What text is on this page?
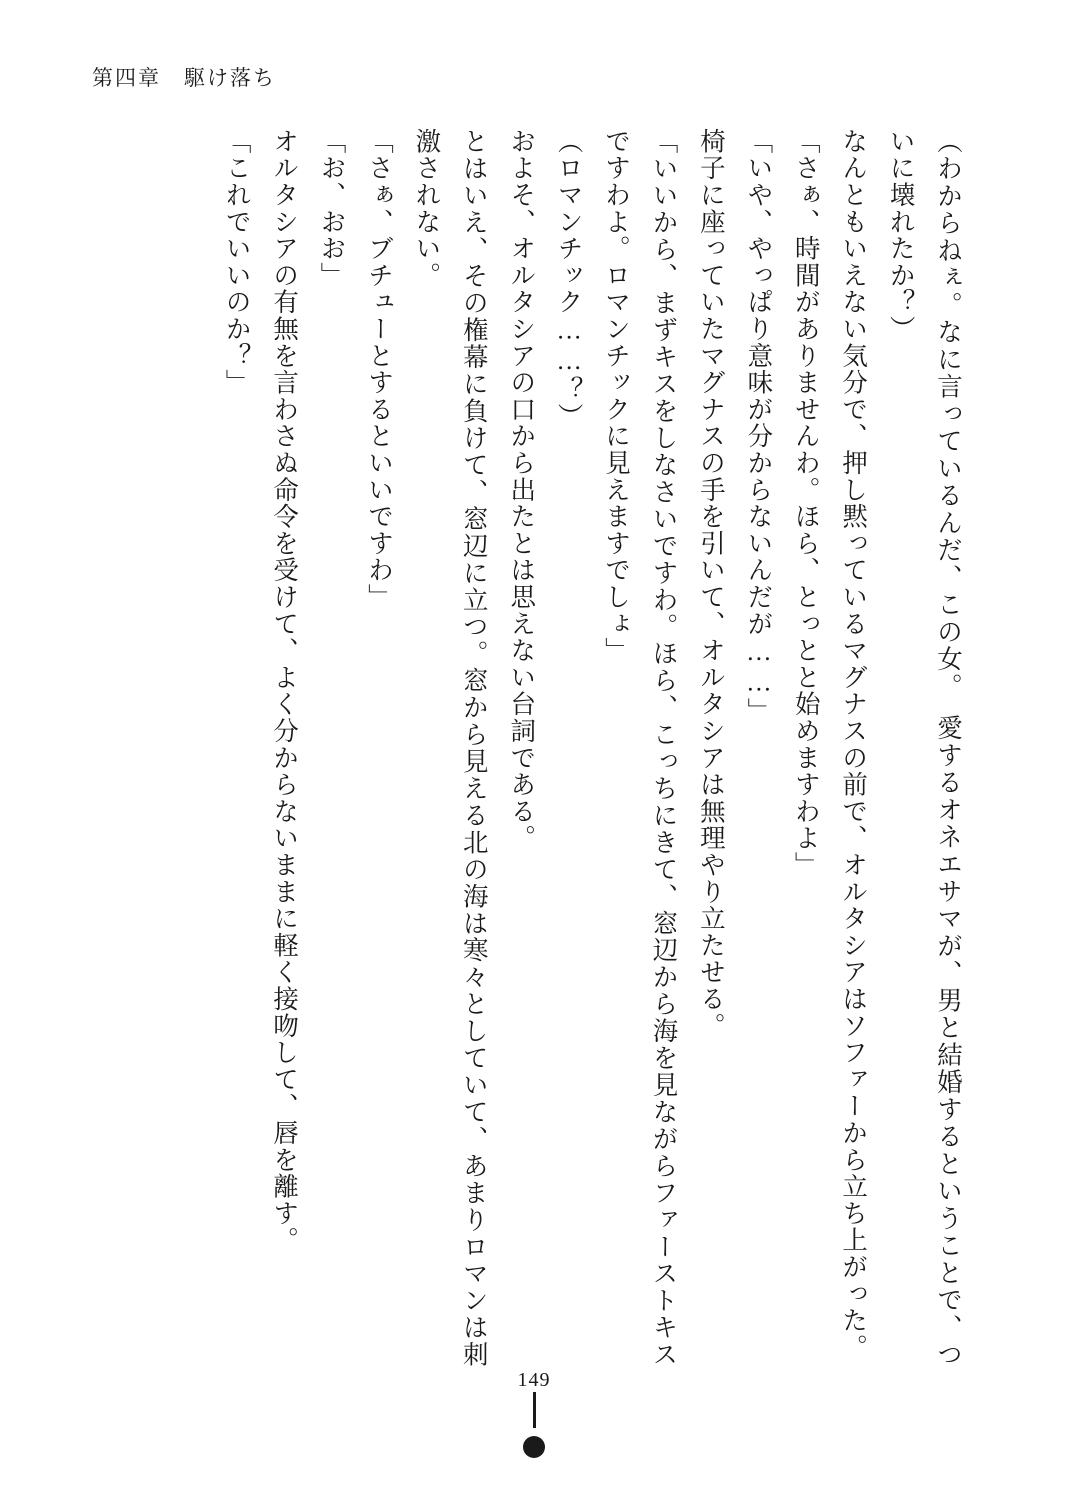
第四章　駆け落ち

（わからねぇ。なに言っているんだ、この女。　愛するオネエサマが、男と結婚するということで、ついに壊れたか？）

なんともいえない気分で、押し黙っているマグナスの前で、オルタシアはソファーから立ち上がった。

「さぁ、時間がありませんわ。ほら、とっとと始めますわよ」

「いや、やっぱり意味が分からないんだが……」

椅子に座っていたマグナスの手を引いて、オルタシアは無理やり立たせる。

「いいから、まずキスをしなさいですわ。ほら、こっちにきて、窓辺から海を見ながらファーストキスですわよ。ロマンチックに見えますでしょ」

（ロマンチック……？）

およそ、オルタシアの口から出たとは思えない台詞である。

とはいえ、その権幕に負けて、窓辺に立つ。窓から見える北の海は寒々としていて、あまりロマンは刺激されない。

「さぁ、ブチューとするといいですわ」

「お、おお」

オルタシアの有無を言わさぬ命令を受けて、よく分からないままに軽く接吻して、唇を離す。

「これでいいのか？」

149
